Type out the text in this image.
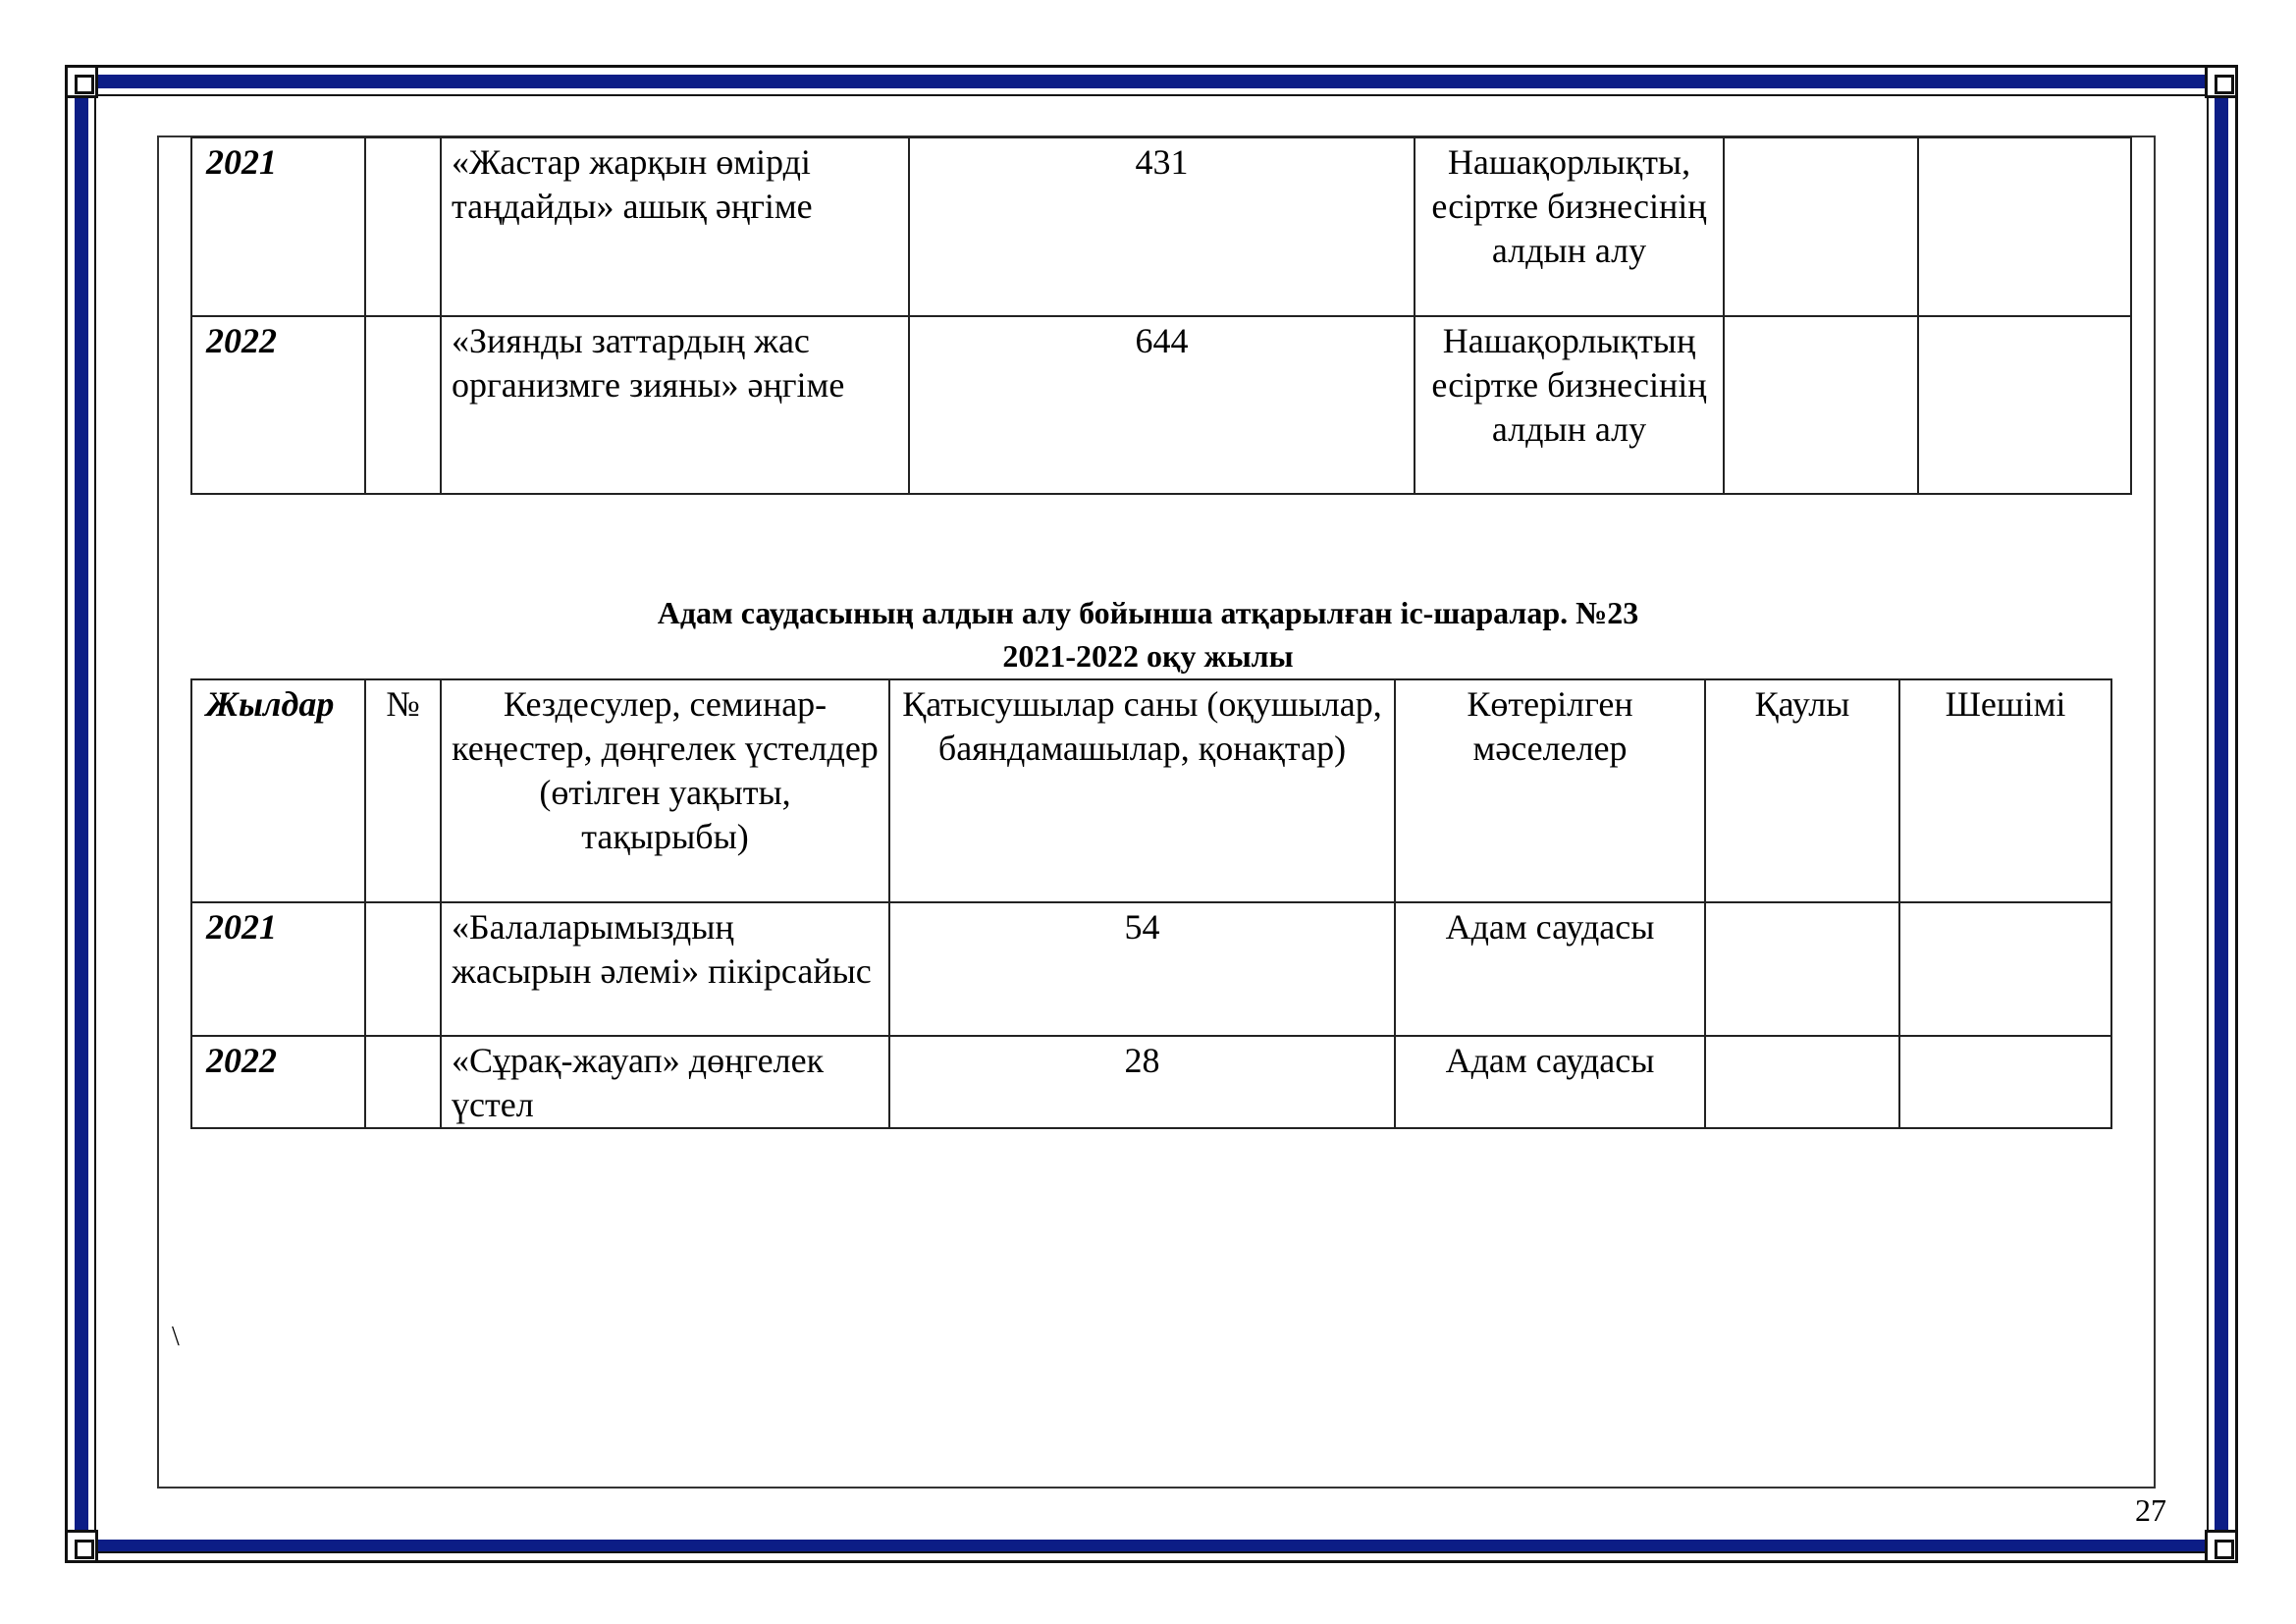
2021		«Жастар жарқын өмірді таңдайды» ашық әңгіме	431	Нашақорлықты, есіртке бизнесінің алдын алу		
2022		«Зиянды заттардың жас организмге зияны» әңгіме	644	Нашақорлықтың есіртке бизнесінің алдын алу		
Адам саудасының алдын алу бойынша атқарылған іс-шаралар. №23
2021-2022 оқу жылы
Жылдар	№	Кездесулер, семинар-кеңестер, дөңгелек үстелдер (өтілген уақыты, тақырыбы)	Қатысушылар саны (оқушылар, баяндамашылар, қонақтар)	Көтерілген мәселелер	Қаулы	Шешімі
2021		«Балаларымыздың жасырын әлемі» пікірсайыс	54	Адам саудасы		
2022		«Сұрақ-жауап» дөңгелек үстел	28	Адам саудасы		
\
27
